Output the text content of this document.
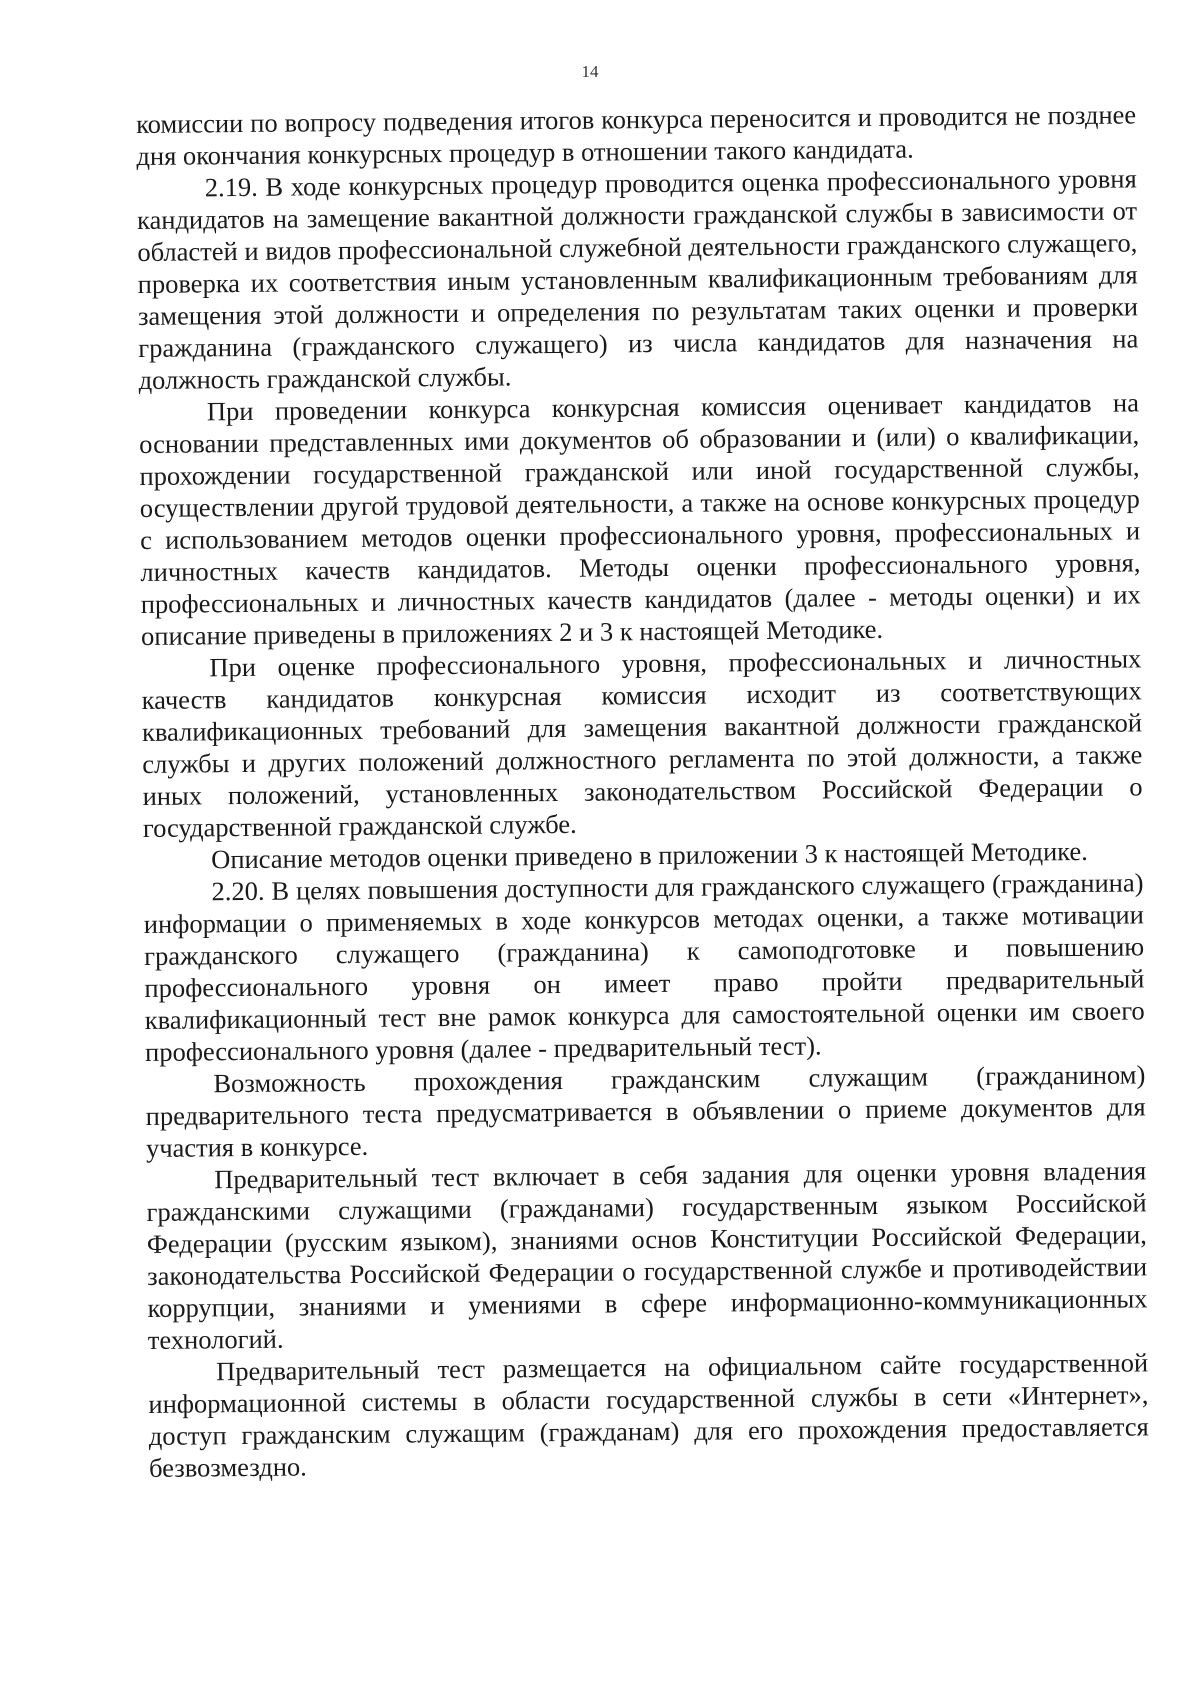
14

комиссии по вопросу подведения итогов конкурса переносится и проводится не позднее дня окончания конкурсных процедур в отношении такого кандидата.

2.19. В ходе конкурсных процедур проводится оценка профессионального уровня кандидатов на замещение вакантной должности гражданской службы в зависимости от областей и видов профессиональной служебной деятельности гражданского служащего, проверка их соответствия иным установленным квалификационным требованиям для замещения этой должности и определения по результатам таких оценки и проверки гражданина (гражданского служащего) из числа кандидатов для назначения на должность гражданской службы.

При проведении конкурса конкурсная комиссия оценивает кандидатов на основании представленных ими документов об образовании и (или) о квалификации, прохождении государственной гражданской или иной государственной службы, осуществлении другой трудовой деятельности, а также на основе конкурсных процедур с использованием методов оценки профессионального уровня, профессиональных и личностных качеств кандидатов. Методы оценки профессионального уровня, профессиональных и личностных качеств кандидатов (далее - методы оценки) и их описание приведены в приложениях 2 и 3 к настоящей Методике.

При оценке профессионального уровня, профессиональных и личностных качеств кандидатов конкурсная комиссия исходит из соответствующих квалификационных требований для замещения вакантной должности гражданской службы и других положений должностного регламента по этой должности, а также иных положений, установленных законодательством Российской Федерации о государственной гражданской службе.

Описание методов оценки приведено в приложении 3 к настоящей Методике.

2.20. В целях повышения доступности для гражданского служащего (гражданина) информации о применяемых в ходе конкурсов методах оценки, а также мотивации гражданского служащего (гражданина) к самоподготовке и повышению профессионального уровня он имеет право пройти предварительный квалификационный тест вне рамок конкурса для самостоятельной оценки им своего профессионального уровня (далее - предварительный тест).

Возможность прохождения гражданским служащим (гражданином) предварительного теста предусматривается в объявлении о приеме документов для участия в конкурсе.

Предварительный тест включает в себя задания для оценки уровня владения гражданскими служащими (гражданами) государственным языком Российской Федерации (русским языком), знаниями основ Конституции Российской Федерации, законодательства Российской Федерации о государственной службе и противодействии коррупции, знаниями и умениями в сфере информационно-коммуникационных технологий.

Предварительный тест размещается на официальном сайте государственной информационной системы в области государственной службы в сети «Интернет», доступ гражданским служащим (гражданам) для его прохождения предоставляется безвозмездно.
